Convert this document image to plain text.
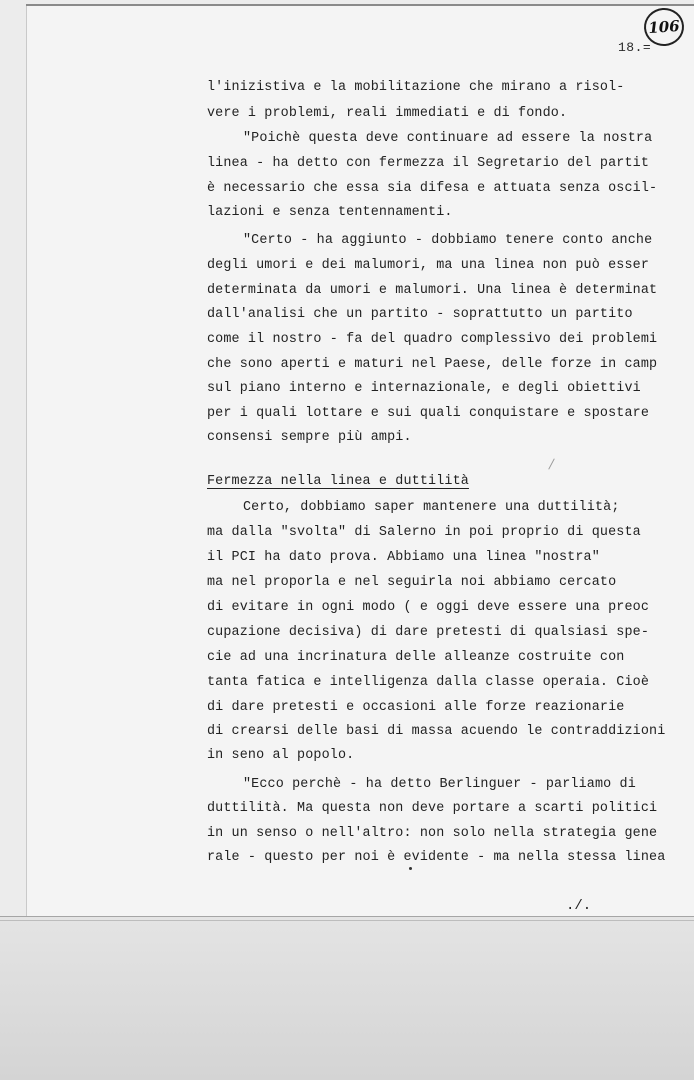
106
18.=
l'inizistiva e la mobilitazione che mirano a risol-
vere i problemi, reali immediati e di fondo.
"Poichè questa deve continuare ad essere la nostra
linea - ha detto con fermezza il Segretario del partit
è necessario che essa sia difesa e attuata senza oscil-
lazioni e senza tentennamenti.
"Certo - ha aggiunto - dobbiamo tenere conto anche
degli umori e dei malumori, ma una linea non può esser
determinata da umori e malumori. Una linea è determinat
dall'analisi che un partito - soprattutto un partito
come il nostro - fa del quadro complessivo dei problemi
che sono aperti e maturi nel Paese, delle forze in camp
sul piano interno e internazionale, e degli obiettivi
per i quali lottare e sui quali conquistare e spostare
consensi sempre più ampi.
Fermezza nella linea e duttilità
Certo, dobbiamo saper mantenere una duttilità;
ma dalla "svolta" di Salerno in poi proprio di questa
il PCI ha dato prova. Abbiamo una linea "nostra"
ma nel proporla e nel seguirla noi abbiamo cercato
di evitare in ogni modo ( e oggi deve essere una preoc
cupazione decisiva) di dare pretesti di qualsiasi spe-
cie ad una incrinatura delle alleanze costruite con
tanta fatica e intelligenza dalla classe operaia. Cioè
di dare pretesti e occasioni alle forze reazionarie
di crearsi delle basi di massa acuendo le contraddizioni
in seno al popolo.
"Ecco perchè - ha detto Berlinguer - parliamo di
duttilità. Ma questa non deve portare a scarti politici
in un senso o nell'altro: non solo nella strategia gene
rale - questo per noi è evidente - ma nella stessa linea
./.
